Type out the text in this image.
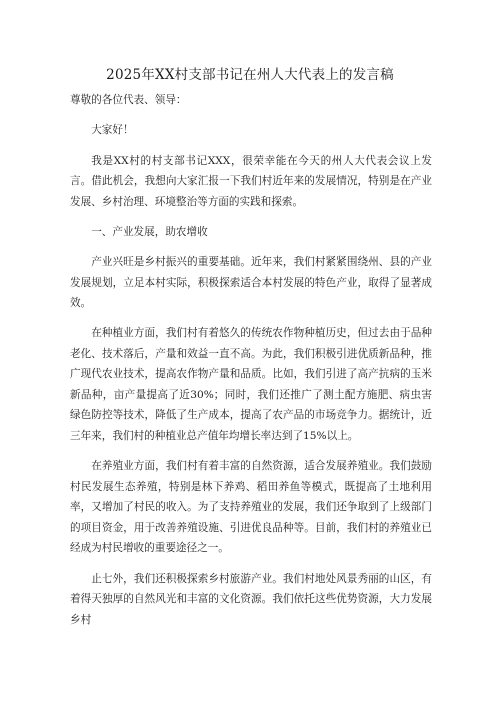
2025年XX村支部书记在州人大代表上的发言稿

尊敬的各位代表、领导：

大家好！

我是XX村的村支部书记XXX，很荣幸能在今天的州人大代表会议上发言。借此机会，我想向大家汇报一下我们村近年来的发展情况，特别是在产业发展、乡村治理、环境整治等方面的实践和探索。

一、产业发展，助农增收

产业兴旺是乡村振兴的重要基础。近年来，我们村紧紧围绕州、县的产业发展规划，立足本村实际，积极探索适合本村发展的特色产业，取得了显著成效。

在种植业方面，我们村有着悠久的传统农作物种植历史，但过去由于品种老化、技术落后，产量和效益一直不高。为此，我们积极引进优质新品种，推广现代农业技术，提高农作物产量和品质。比如，我们引进了高产抗病的玉米新品种，亩产量提高了近30%；同时，我们还推广了测土配方施肥、病虫害绿色防控等技术，降低了生产成本，提高了农产品的市场竞争力。据统计，近三年来，我们村的种植业总产值年均增长率达到了15%以上。

在养殖业方面，我们村有着丰富的自然资源，适合发展养殖业。我们鼓励村民发展生态养殖，特别是林下养鸡、稻田养鱼等模式，既提高了土地利用率，又增加了村民的收入。为了支持养殖业的发展，我们还争取到了上级部门的项目资金，用于改善养殖设施、引进优良品种等。目前，我们村的养殖业已经成为村民增收的重要途径之一。

止七外，我们还积极探索乡村旅游产业。我们村地处风景秀丽的山区，有着得天独厚的自然风光和丰富的文化资源。我们依托这些优势资源，大力发展乡村
